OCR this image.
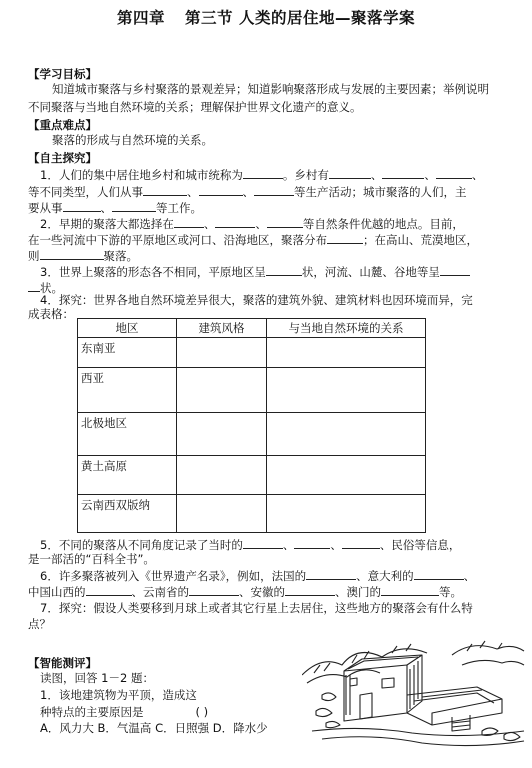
第四章 第三节 人类的居住地—聚落学案
【学习目标】
知道城市聚落与乡村聚落的景观差异；知道影响聚落形成与发展的主要因素；举例说明
不同聚落与当地自然环境的关系；理解保护世界文化遗产的意义。
【重点难点】
聚落的形成与自然环境的关系。
【自主探究】
1．人们的集中居住地乡村和城市统称为	。乡村有	、	、	、
等不同类型，人们从事	、	、	等生产活动；城市聚落的人们，主
要从事	、	等工作。
2．早期的聚落大都选择在	、	、	等自然条件优越的地点。目前，
在一些河流中下游的平原地区或河口、沿海地区，聚落分布	；在高山、荒漠地区，
则	聚落。
3．世界上聚落的形态各不相同，平原地区呈	状，河流、山麓、谷地等呈
状。
4．探究：世界各地自然环境差异很大，聚落的建筑外貌、建筑材料也因环境而异，完
成表格：
地区	建筑风格	与当地自然环境的关系
东南亚		
西亚		
北极地区		
黄土高原		
云南西双版纳		
5．不同的聚落从不同角度记录了当时的	、	、	、民俗等信息，
是一部活的“百科全书”。
6．许多聚落被列入《世界遗产名录》，例如，法国的	、意大利的	、
中国山西的	、云南省的	、安徽的	、澳门的	等。
7．探究：假设人类要移到月球上或者其它行星上去居住，这些地方的聚落会有什么特
点？
【智能测评】
读图，回答 1－2 题：
1．该地建筑物为平顶，造成这
种特点的主要原因是	( )
A．风力大 B．气温高 C．日照强 D．降水少
